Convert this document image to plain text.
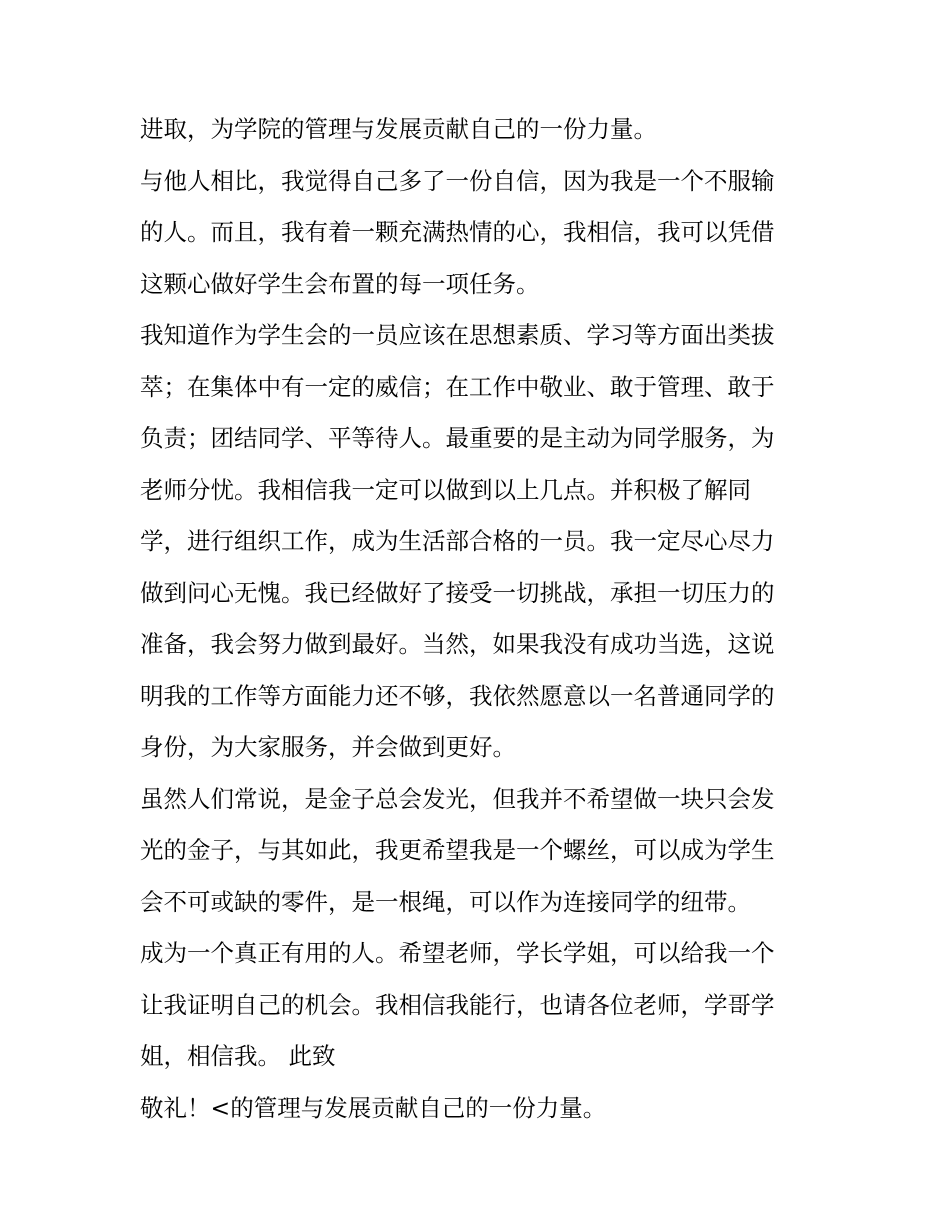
进取，为学院的管理与发展贡献自己的一份力量。
与他人相比，我觉得自己多了一份自信，因为我是一个不服输
的人。而且，我有着一颗充满热情的心，我相信，我可以凭借
这颗心做好学生会布置的每一项任务。
我知道作为学生会的一员应该在思想素质、学习等方面出类拔
萃；在集体中有一定的威信；在工作中敬业、敢于管理、敢于
负责；团结同学、平等待人。最重要的是主动为同学服务，为
老师分忧。我相信我一定可以做到以上几点。并积极了解同
学，进行组织工作，成为生活部合格的一员。我一定尽心尽力
做到问心无愧。我已经做好了接受一切挑战，承担一切压力的
准备，我会努力做到最好。当然，如果我没有成功当选，这说
明我的工作等方面能力还不够，我依然愿意以一名普通同学的
身份，为大家服务，并会做到更好。
虽然人们常说，是金子总会发光，但我并不希望做一块只会发
光的金子，与其如此，我更希望我是一个螺丝，可以成为学生
会不可或缺的零件，是一根绳，可以作为连接同学的纽带。
成为一个真正有用的人。希望老师，学长学姐，可以给我一个
让我证明自己的机会。我相信我能行，也请各位老师，学哥学
姐，相信我。 此致
敬礼！<的管理与发展贡献自己的一份力量。
